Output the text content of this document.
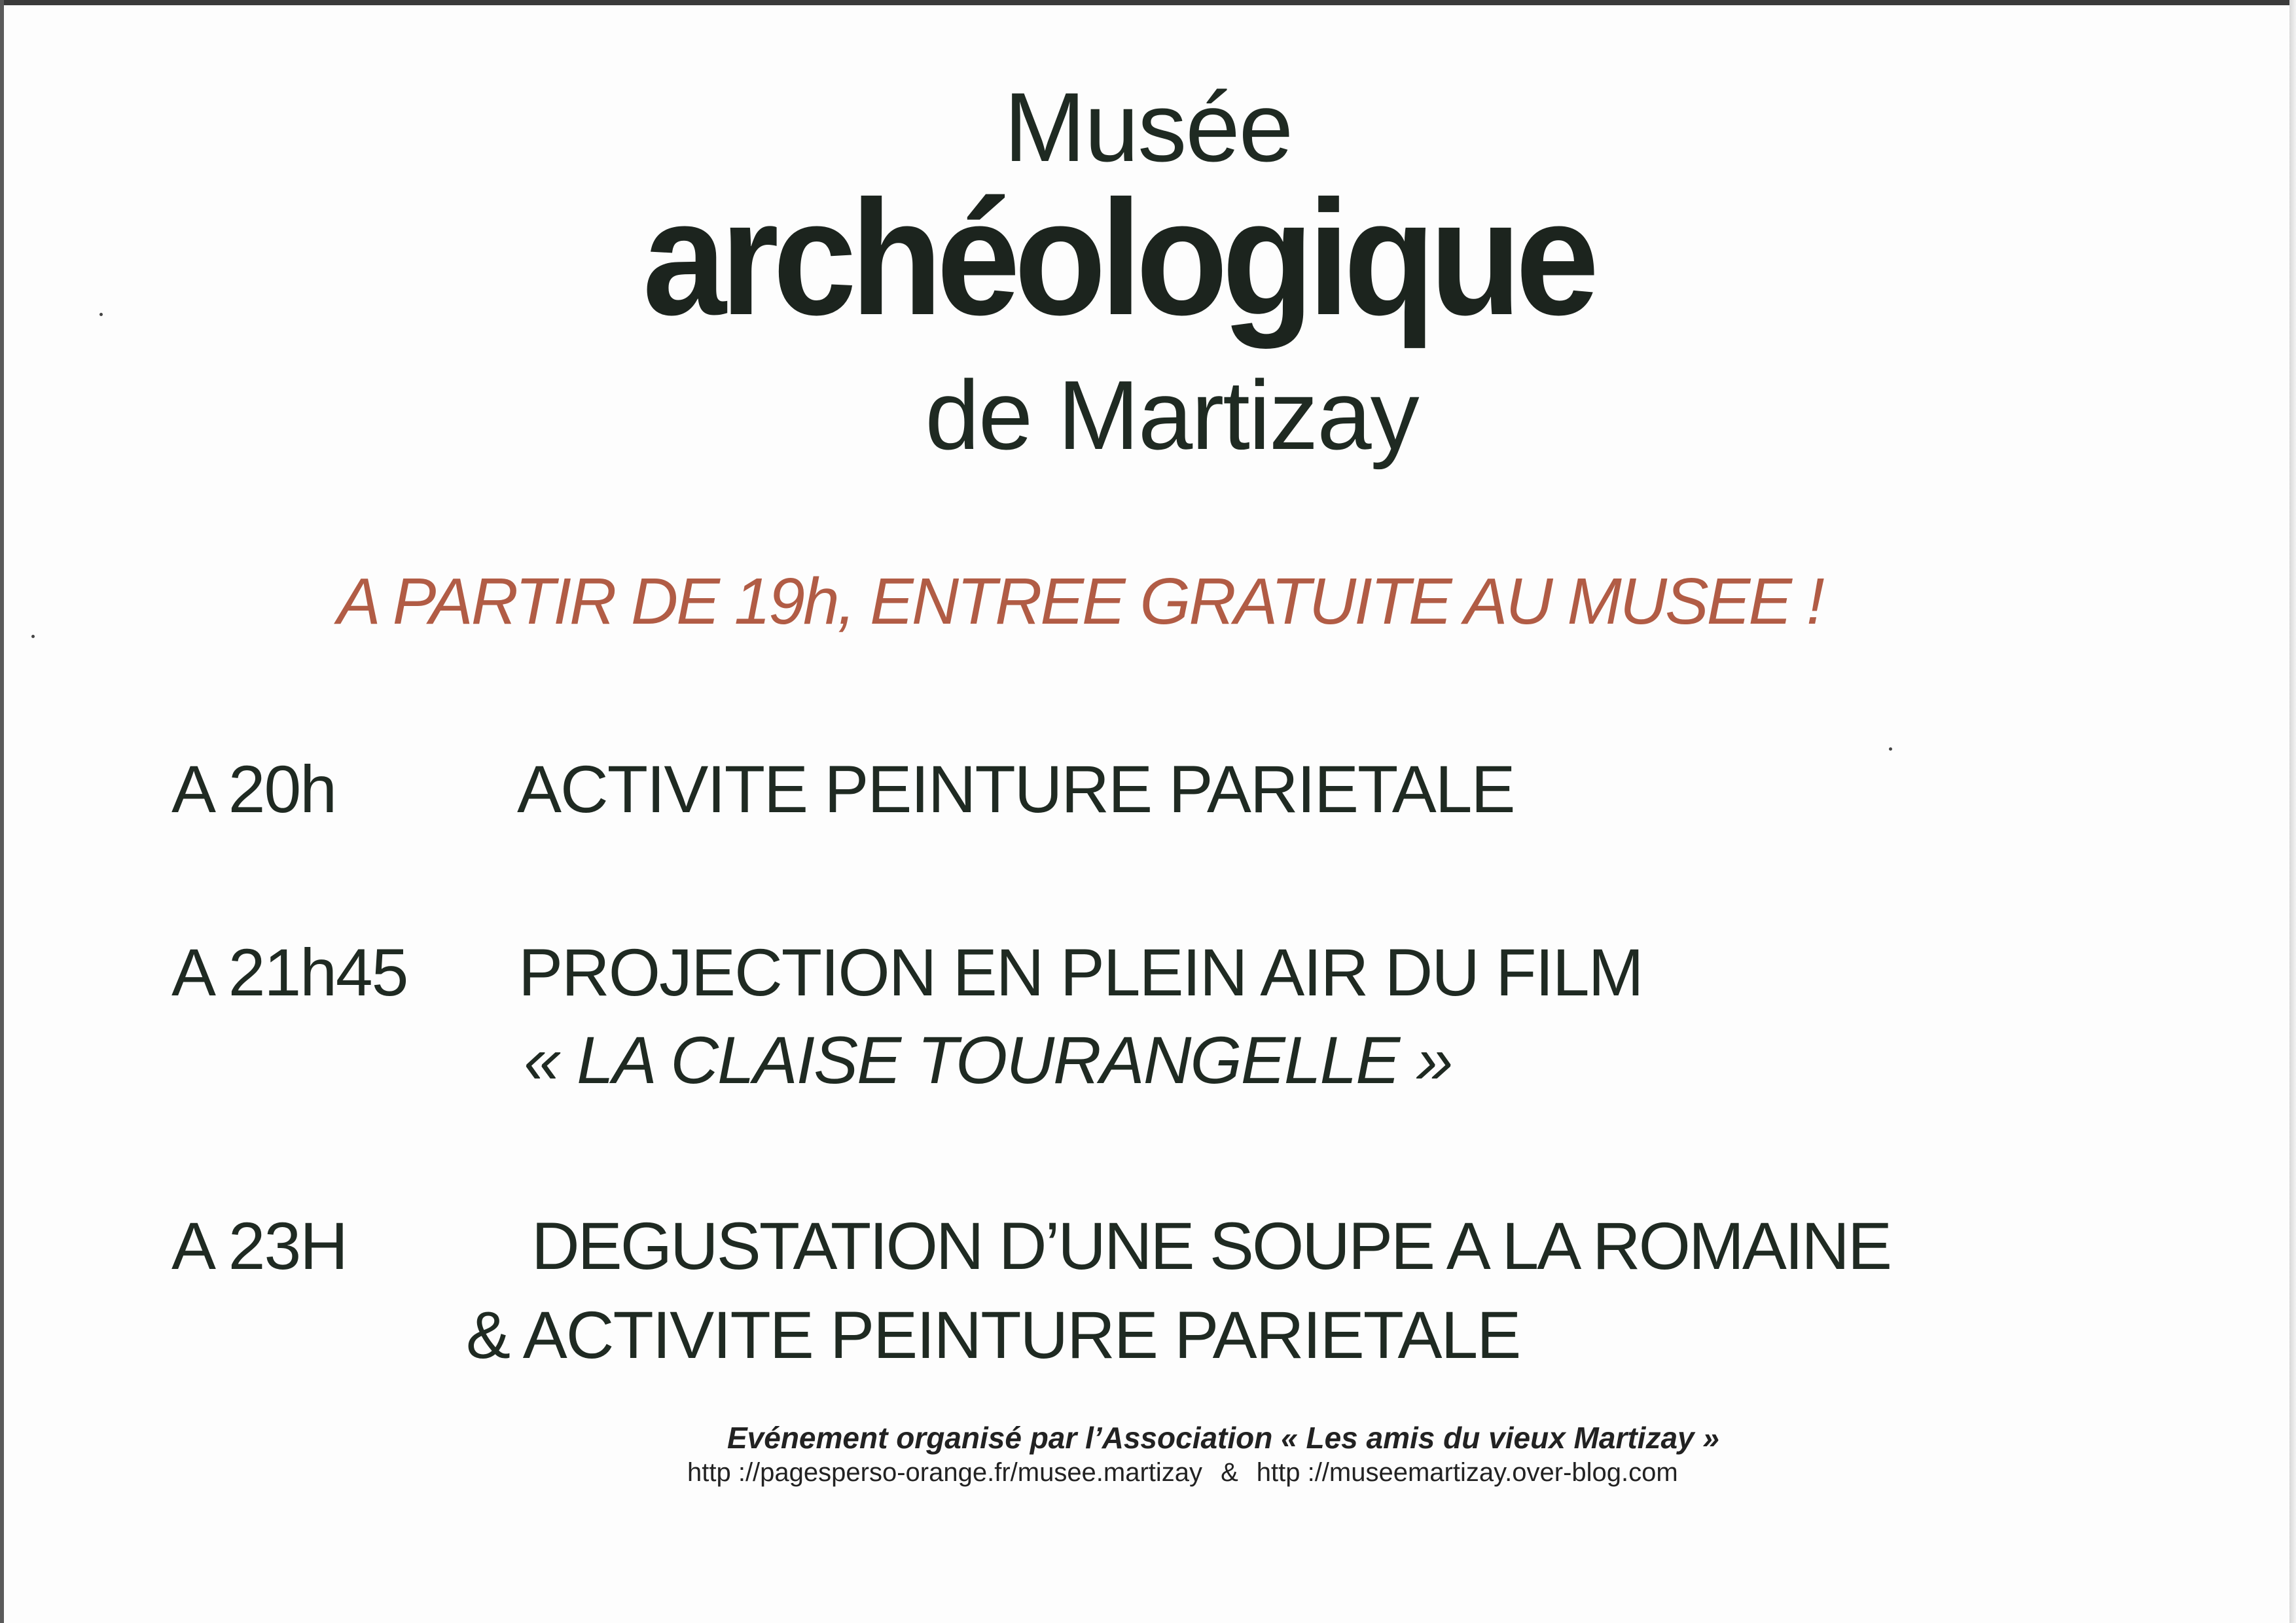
Musée
archéologique
de Martizay
A PARTIR DE 19h, ENTREE GRATUITE AU MUSEE !
A 20h	ACTIVITE PEINTURE PARIETALE
A 21h45 PROJECTION EN PLEIN AIR DU FILM
« LA CLAISE TOURANGELLE »
A 23H	DEGUSTATION D’UNE SOUPE A LA ROMAINE
& ACTIVITE PEINTURE PARIETALE
Evénement organisé par l’Association « Les amis du vieux Martizay »
http ://pagesperso-orange.fr/musee.martizay & http ://museemartizay.over-blog.com
